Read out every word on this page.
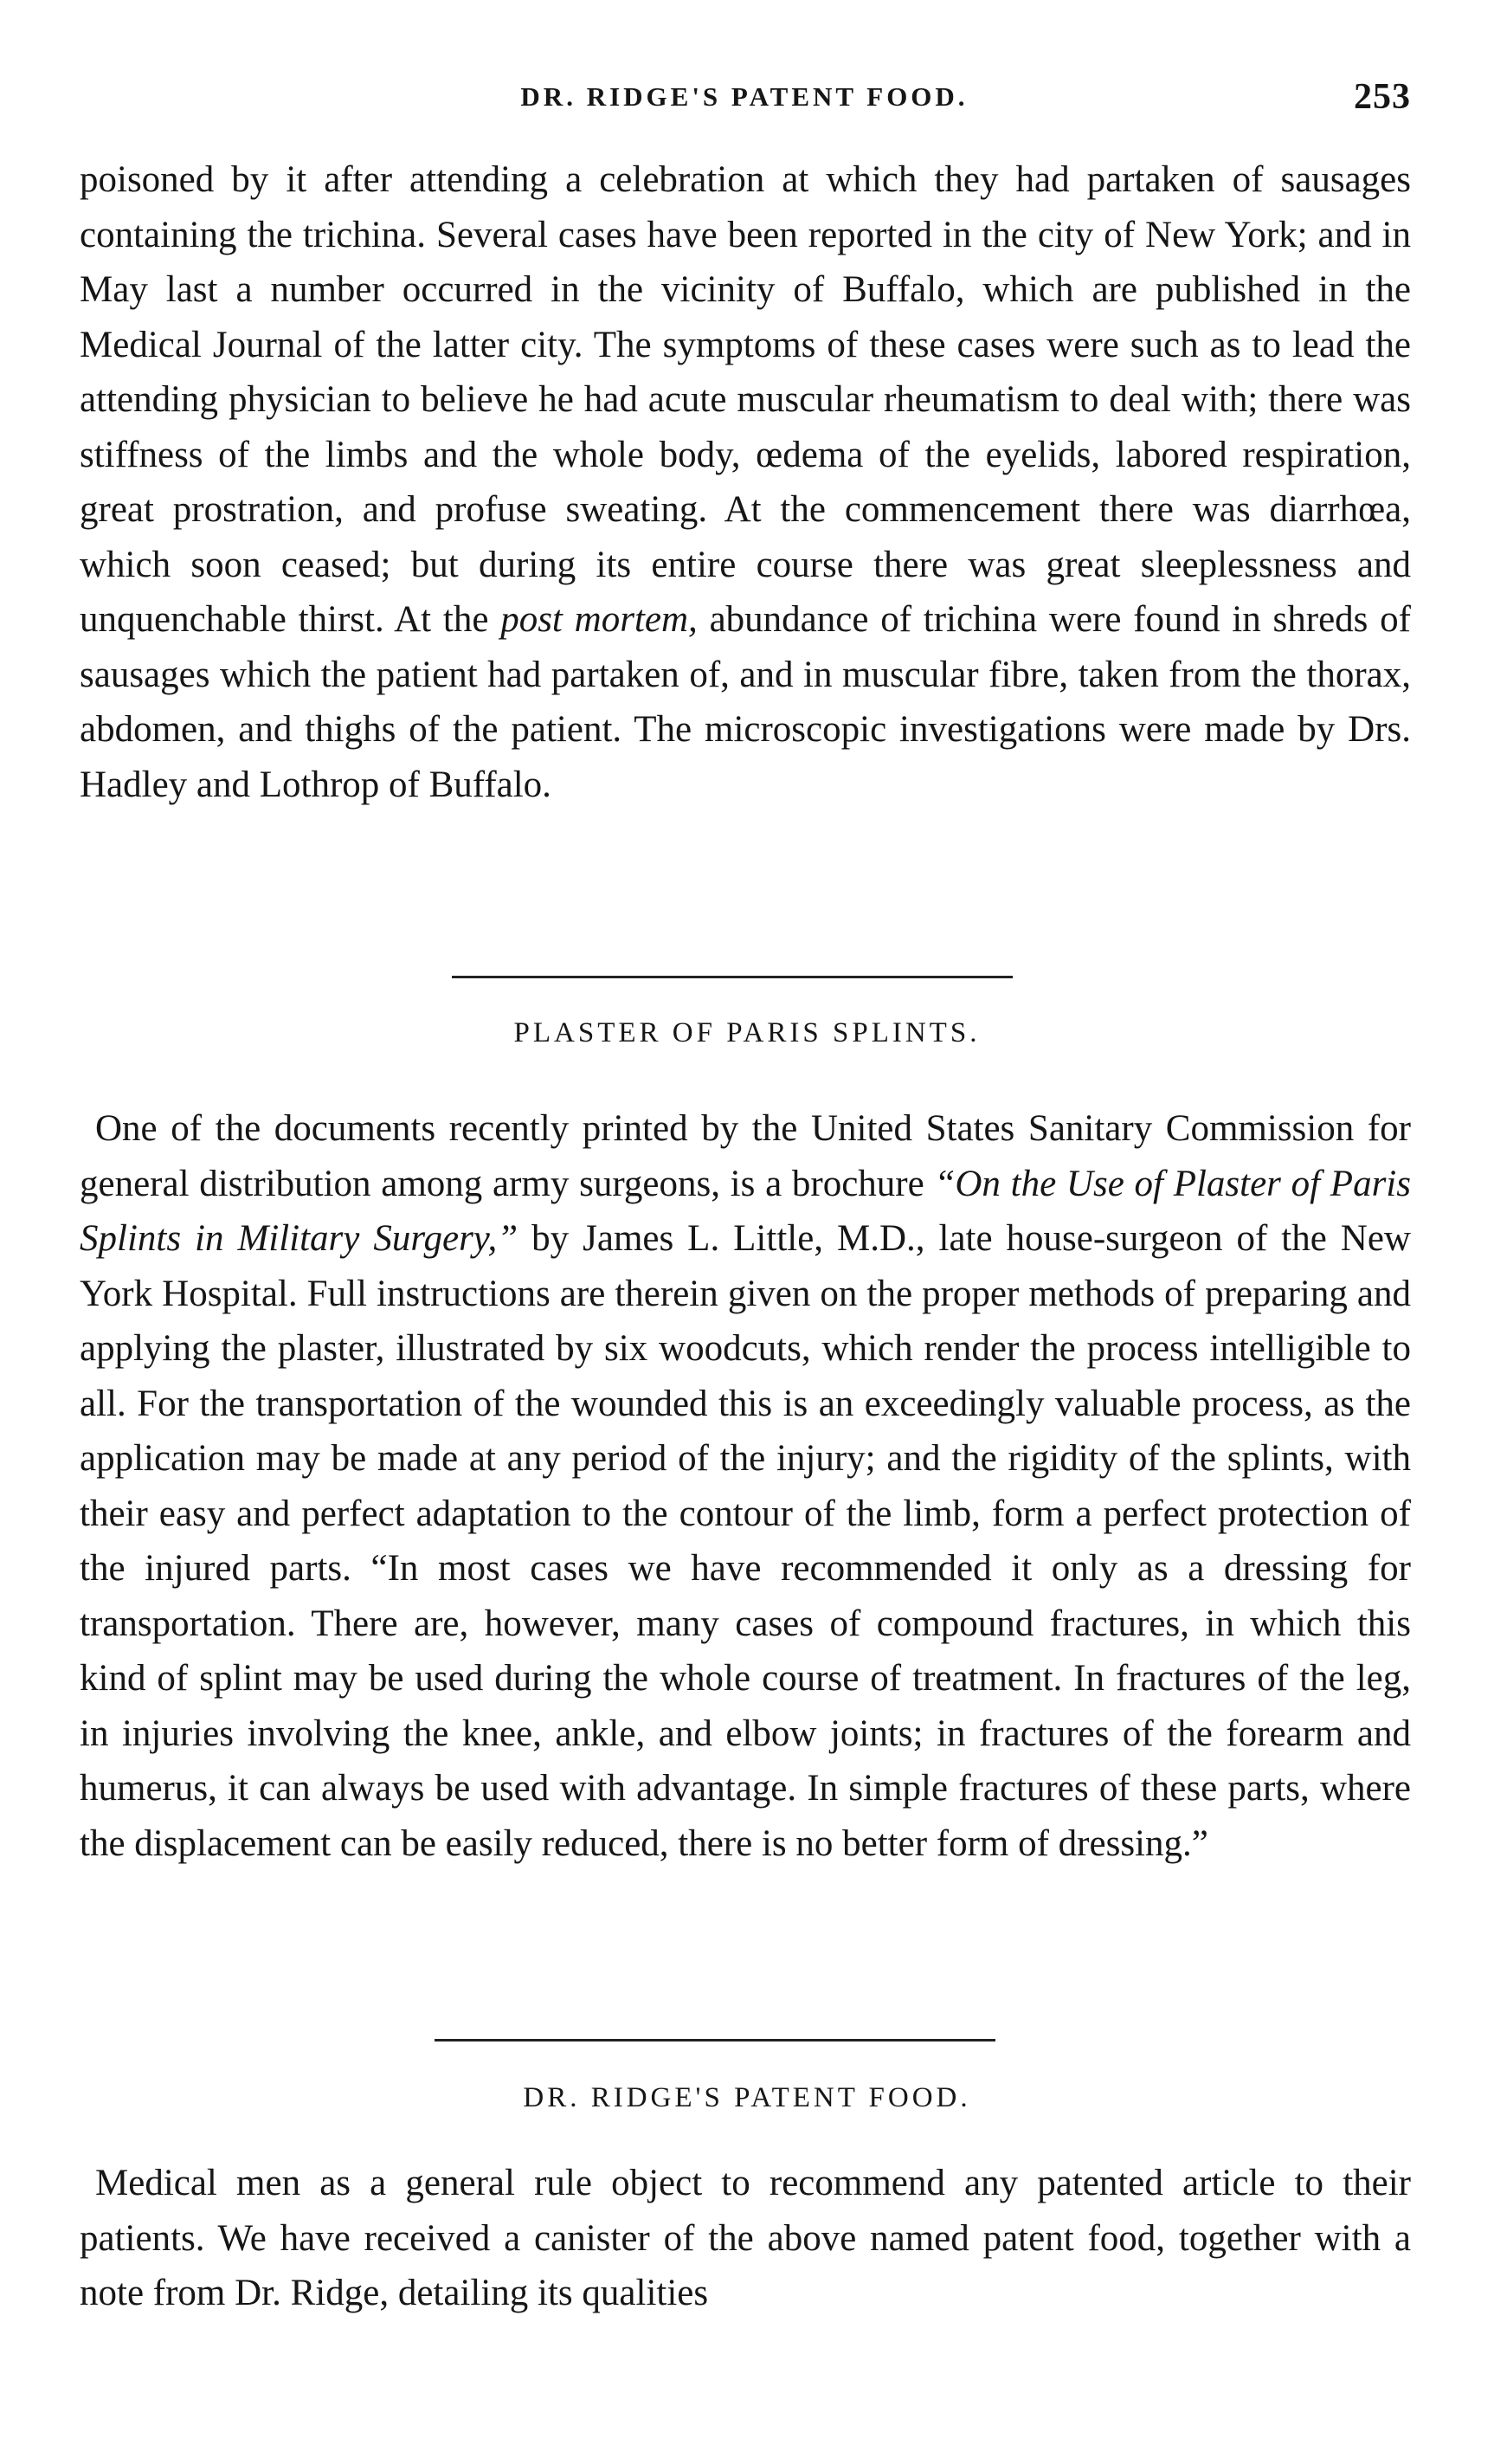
DR. RIDGE'S PATENT FOOD.	253
poisoned by it after attending a celebration at which they had partaken of sausages containing the trichina. Several cases have been reported in the city of New York; and in May last a number occurred in the vicinity of Buffalo, which are published in the Medical Journal of the latter city. The symptoms of these cases were such as to lead the attending physician to believe he had acute muscular rheumatism to deal with; there was stiffness of the limbs and the whole body, œdema of the eyelids, labored respiration, great prostration, and profuse sweating. At the commencement there was diarrhœa, which soon ceased; but during its entire course there was great sleeplessness and unquenchable thirst. At the post mortem, abundance of trichina were found in shreds of sausages which the patient had partaken of, and in muscular fibre, taken from the thorax, abdomen, and thighs of the patient. The microscopic investigations were made by Drs. Hadley and Lothrop of Buffalo.
PLASTER OF PARIS SPLINTS.
One of the documents recently printed by the United States Sanitary Commission for general distribution among army surgeons, is a brochure “On the Use of Plaster of Paris Splints in Military Surgery,” by James L. Little, M.D., late house-surgeon of the New York Hospital. Full instructions are therein given on the proper methods of preparing and applying the plaster, illustrated by six woodcuts, which render the process intelligible to all. For the transportation of the wounded this is an exceedingly valuable process, as the application may be made at any period of the injury; and the rigidity of the splints, with their easy and perfect adaptation to the contour of the limb, form a perfect protection of the injured parts. “In most cases we have recommended it only as a dressing for transportation. There are, however, many cases of compound fractures, in which this kind of splint may be used during the whole course of treatment. In fractures of the leg, in injuries involving the knee, ankle, and elbow joints; in fractures of the forearm and humerus, it can always be used with advantage. In simple fractures of these parts, where the displacement can be easily reduced, there is no better form of dressing.”
DR. RIDGE'S PATENT FOOD.
Medical men as a general rule object to recommend any patented article to their patients. We have received a canister of the above named patent food, together with a note from Dr. Ridge, detailing its qualities
